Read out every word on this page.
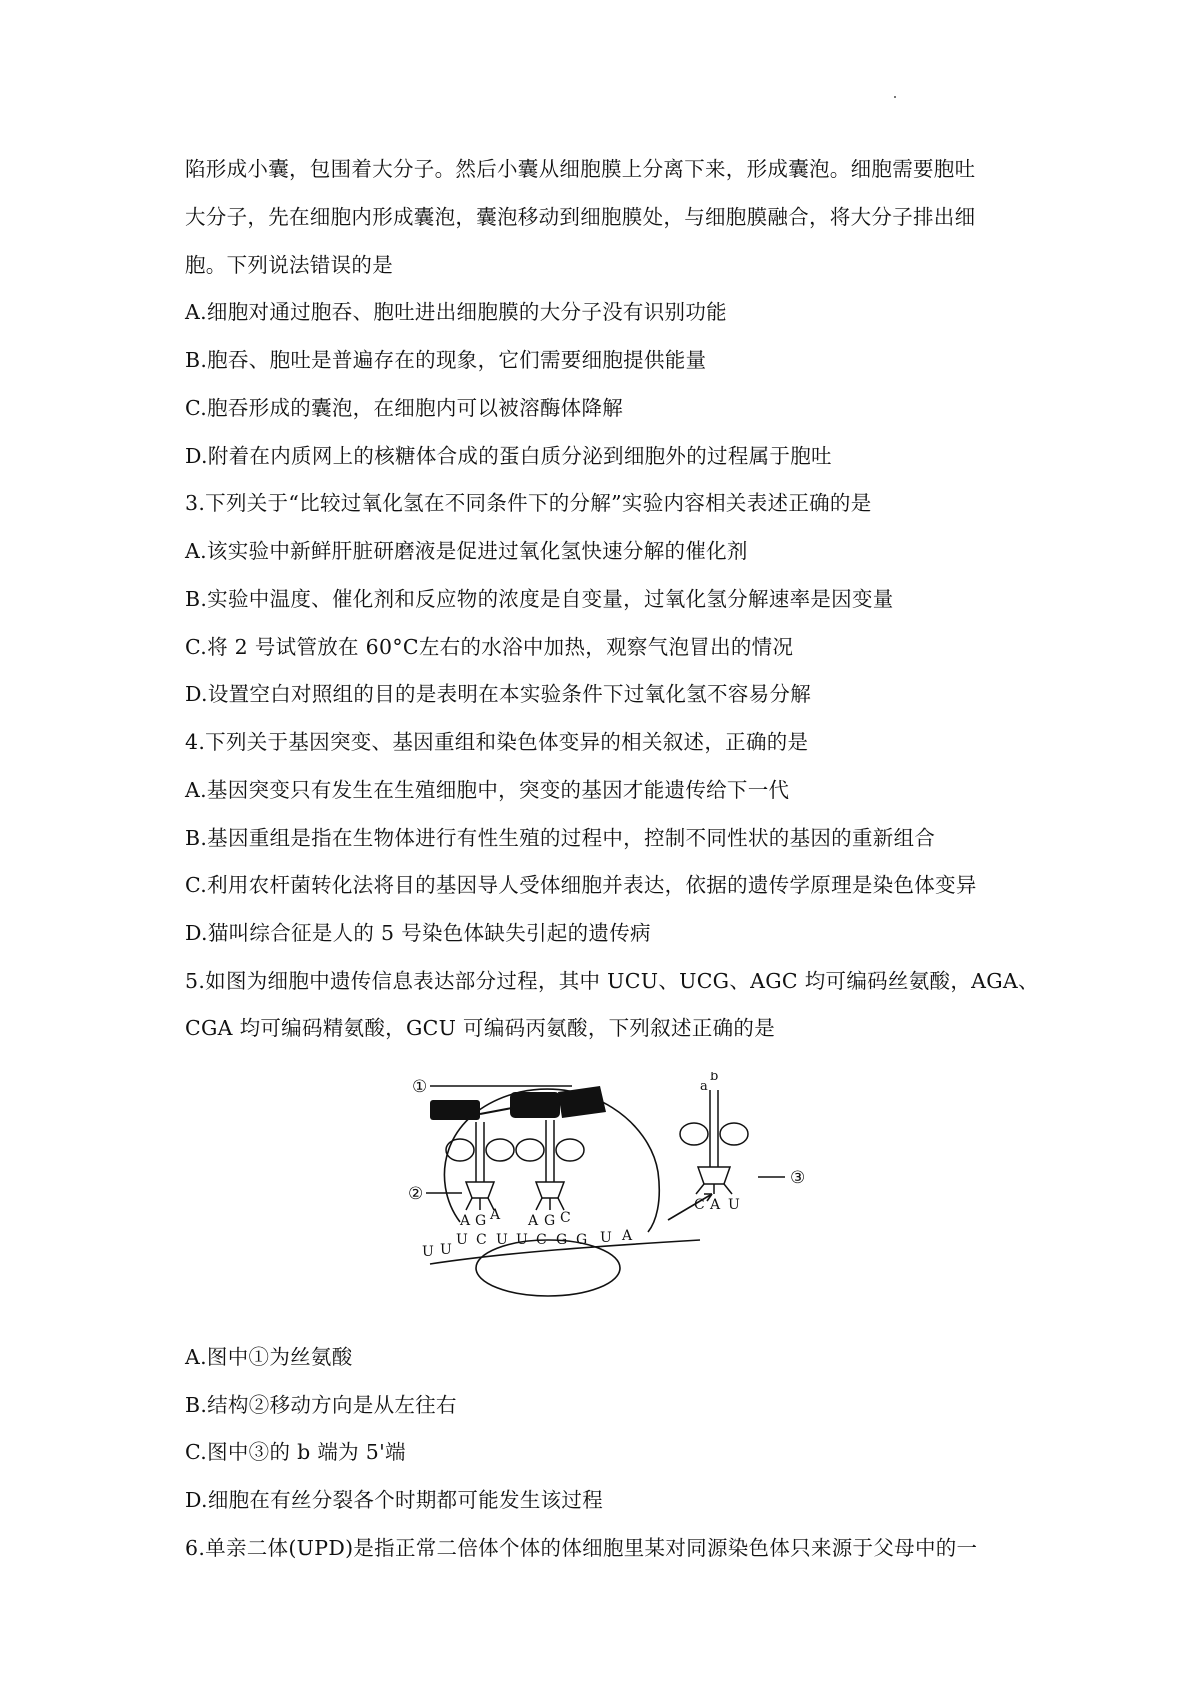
陷形成小囊，包围着大分子。然后小囊从细胞膜上分离下来，形成囊泡。细胞需要胞吐

大分子，先在细胞内形成囊泡，囊泡移动到细胞膜处，与细胞膜融合，将大分子排出细

胞。下列说法错误的是

A.细胞对通过胞吞、胞吐进出细胞膜的大分子没有识别功能

B.胞吞、胞吐是普遍存在的现象，它们需要细胞提供能量

C.胞吞形成的囊泡，在细胞内可以被溶酶体降解

D.附着在内质网上的核糖体合成的蛋白质分泌到细胞外的过程属于胞吐

3.下列关于“比较过氧化氢在不同条件下的分解”实验内容相关表述正确的是

A.该实验中新鲜肝脏研磨液是促进过氧化氢快速分解的催化剂

B.实验中温度、催化剂和反应物的浓度是自变量，过氧化氢分解速率是因变量

C.将 2 号试管放在 60°C左右的水浴中加热，观察气泡冒出的情况

D.设置空白对照组的目的是表明在本实验条件下过氧化氢不容易分解

4.下列关于基因突变、基因重组和染色体变异的相关叙述，正确的是

A.基因突变只有发生在生殖细胞中，突变的基因才能遗传给下一代

B.基因重组是指在生物体进行有性生殖的过程中，控制不同性状的基因的重新组合

C.利用农杆菌转化法将目的基因导人受体细胞并表达，依据的遗传学原理是染色体变异

D.猫叫综合征是人的 5 号染色体缺失引起的遗传病

5.如图为细胞中遗传信息表达部分过程，其中 UCU、UCG、AGC 均可编码丝氨酸，AGA、

CGA 均可编码精氨酸，GCU 可编码丙氨酸，下列叙述正确的是

①
②
③
a
b
A G A A G C
C A U
U U
U C U U C G G U A

A.图中①为丝氨酸

B.结构②移动方向是从左往右

C.图中③的 b 端为 5'端

D.细胞在有丝分裂各个时期都可能发生该过程

6.单亲二体(UPD)是指正常二倍体个体的体细胞里某对同源染色体只来源于父母中的一
